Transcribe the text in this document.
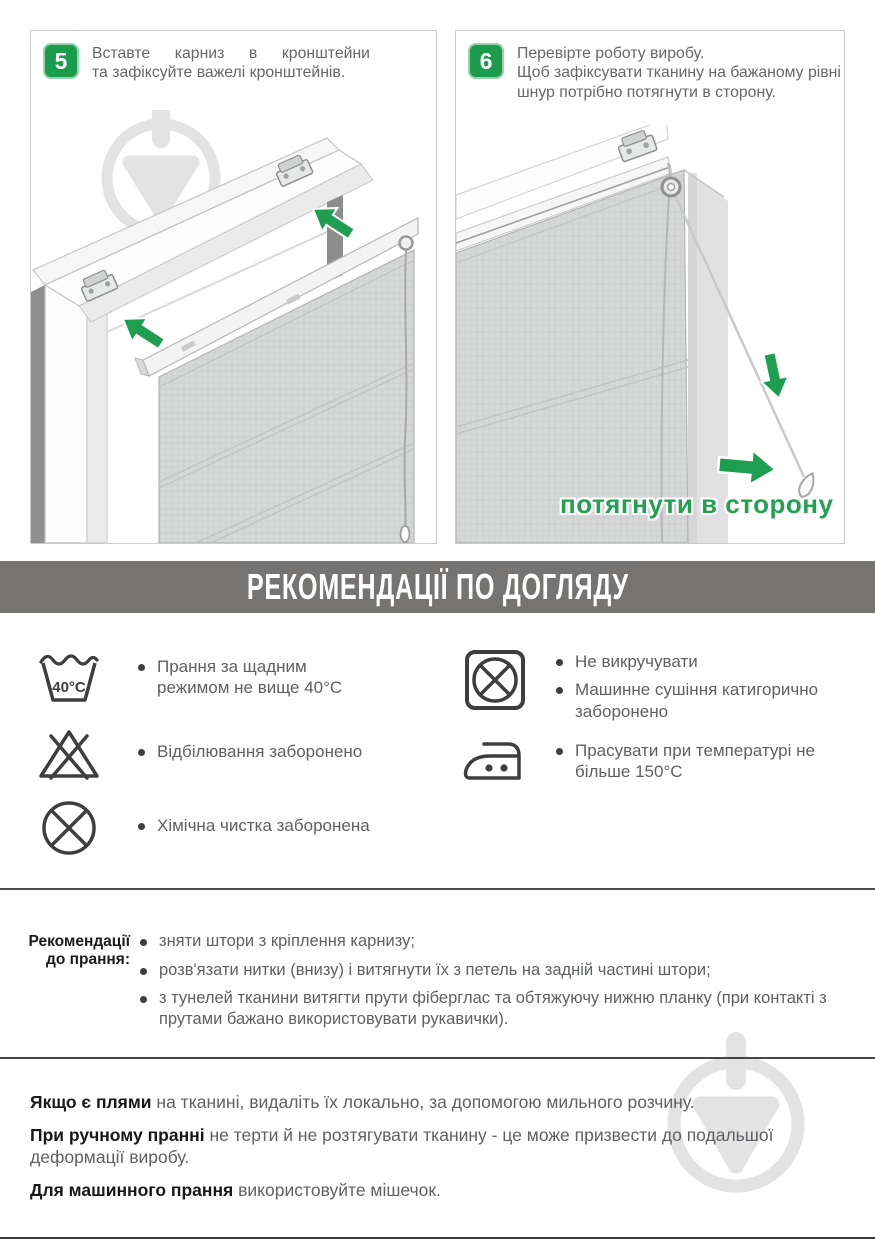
5	Вставте карниз в кронштейни
та зафіксуйте важелі кронштейнів.	6	Перевірте роботу виробу.
Щоб зафіксувати тканину на бажаному рівні
шнур потрібно потягнути в сторону.
потягнути в сторону
РЕКОМЕНДАЦІЇ ПО ДОГЛЯДУ
40°C
Прання за щадним режимом не вище 40°C
Відбілювання заборонено
Хімічна чистка заборонена
Не викручувати
Машинне сушіння катигорично заборонено
Прасувати при температурі не більше 150°C
Рекомендації
до прання:
зняти штори з кріплення карнизу;
розв'язати нитки (внизу) і витягнути їх з петель на задній частині штори;
з тунелей тканини витягти прути фіберглас та обтяжуючу нижню планку (при контакті з прутами бажано використовувати рукавички).
Якщо є плями на тканині, видаліть їх локально, за допомогою мильного розчину.
При ручному пранні не терти й не розтягувати тканину - це може призвести до подальшої деформації виробу.
Для машинного прання використовуйте мішечок.
